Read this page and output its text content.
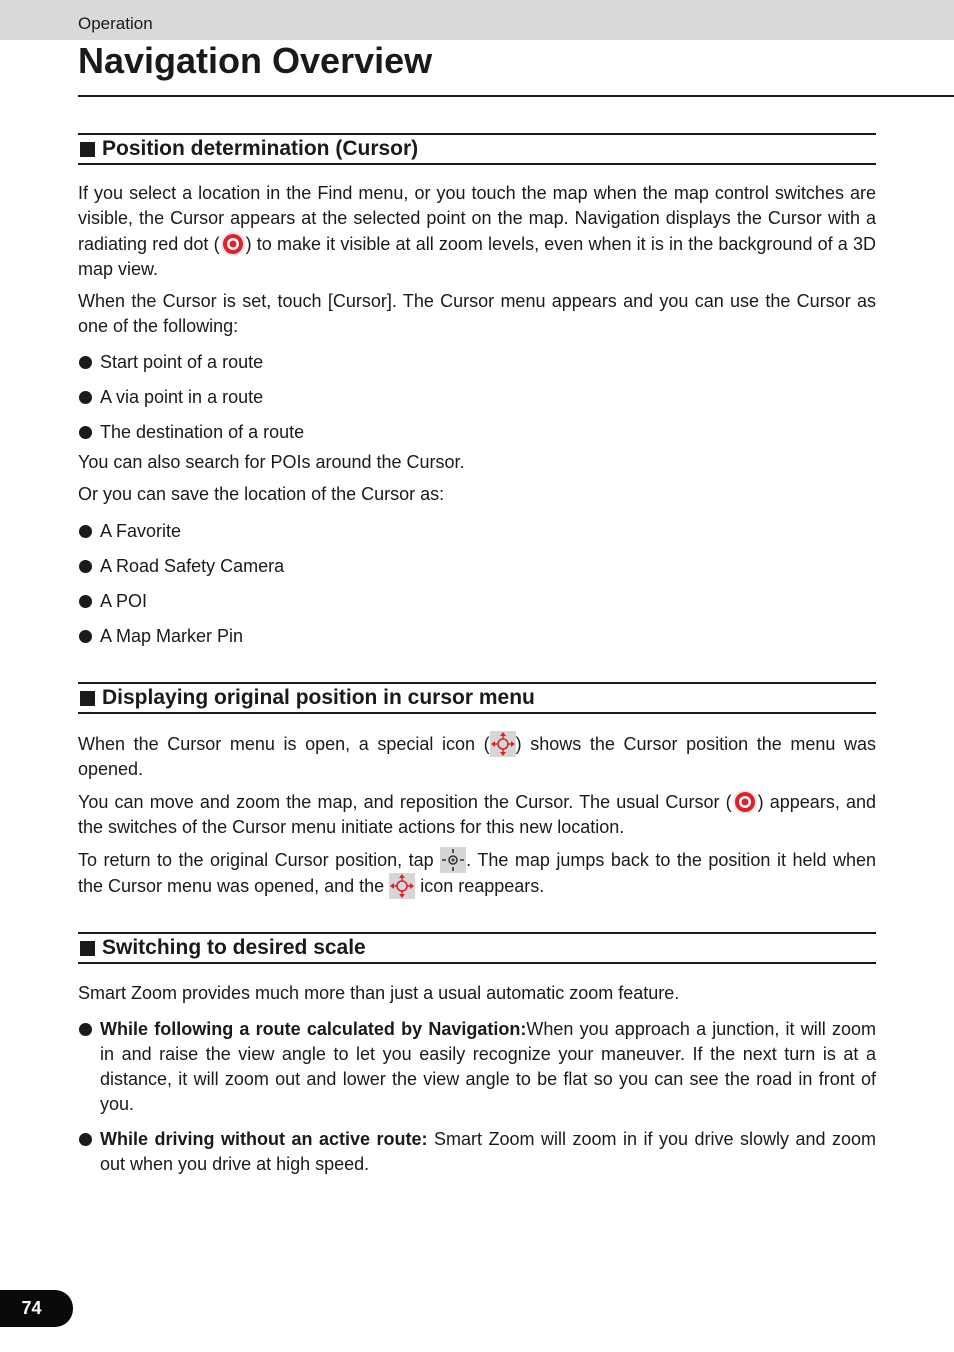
Operation
Navigation Overview
Position determination (Cursor)

If you select a location in the Find menu, or you touch the map when the map control switches are visible, the Cursor appears at the selected point on the map. Navigation displays the Cursor with a radiating red dot ( ) to make it visible at all zoom levels, even when it is in the background of a 3D map view.

When the Cursor is set, touch [Cursor]. The Cursor menu appears and you can use the Cursor as one of the following:

Start point of a route
A via point in a route
The destination of a route

You can also search for POIs around the Cursor.

Or you can save the location of the Cursor as:

A Favorite
A Road Safety Camera
A POI
A Map Marker Pin
Displaying original position in cursor menu

When the Cursor menu is open, a special icon ( ) shows the Cursor position the menu was opened.

You can move and zoom the map, and reposition the Cursor. The usual Cursor ( ) appears, and the switches of the Cursor menu initiate actions for this new location.

To return to the original Cursor position, tap
. The map jumps back to the position it held when the Cursor menu was opened, and the
icon reappears.

Switching to desired scale

Smart Zoom provides much more than just a usual automatic zoom feature.

While following a route calculated by Navigation:When you approach a junction, it will zoom in and raise the view angle to let you easily recognize your maneuver. If the next turn is at a distance, it will zoom out and lower the view angle to be flat so you can see the road in front of you.
While driving without an active route: Smart Zoom will zoom in if you drive slowly and zoom out when you drive at high speed.
74
